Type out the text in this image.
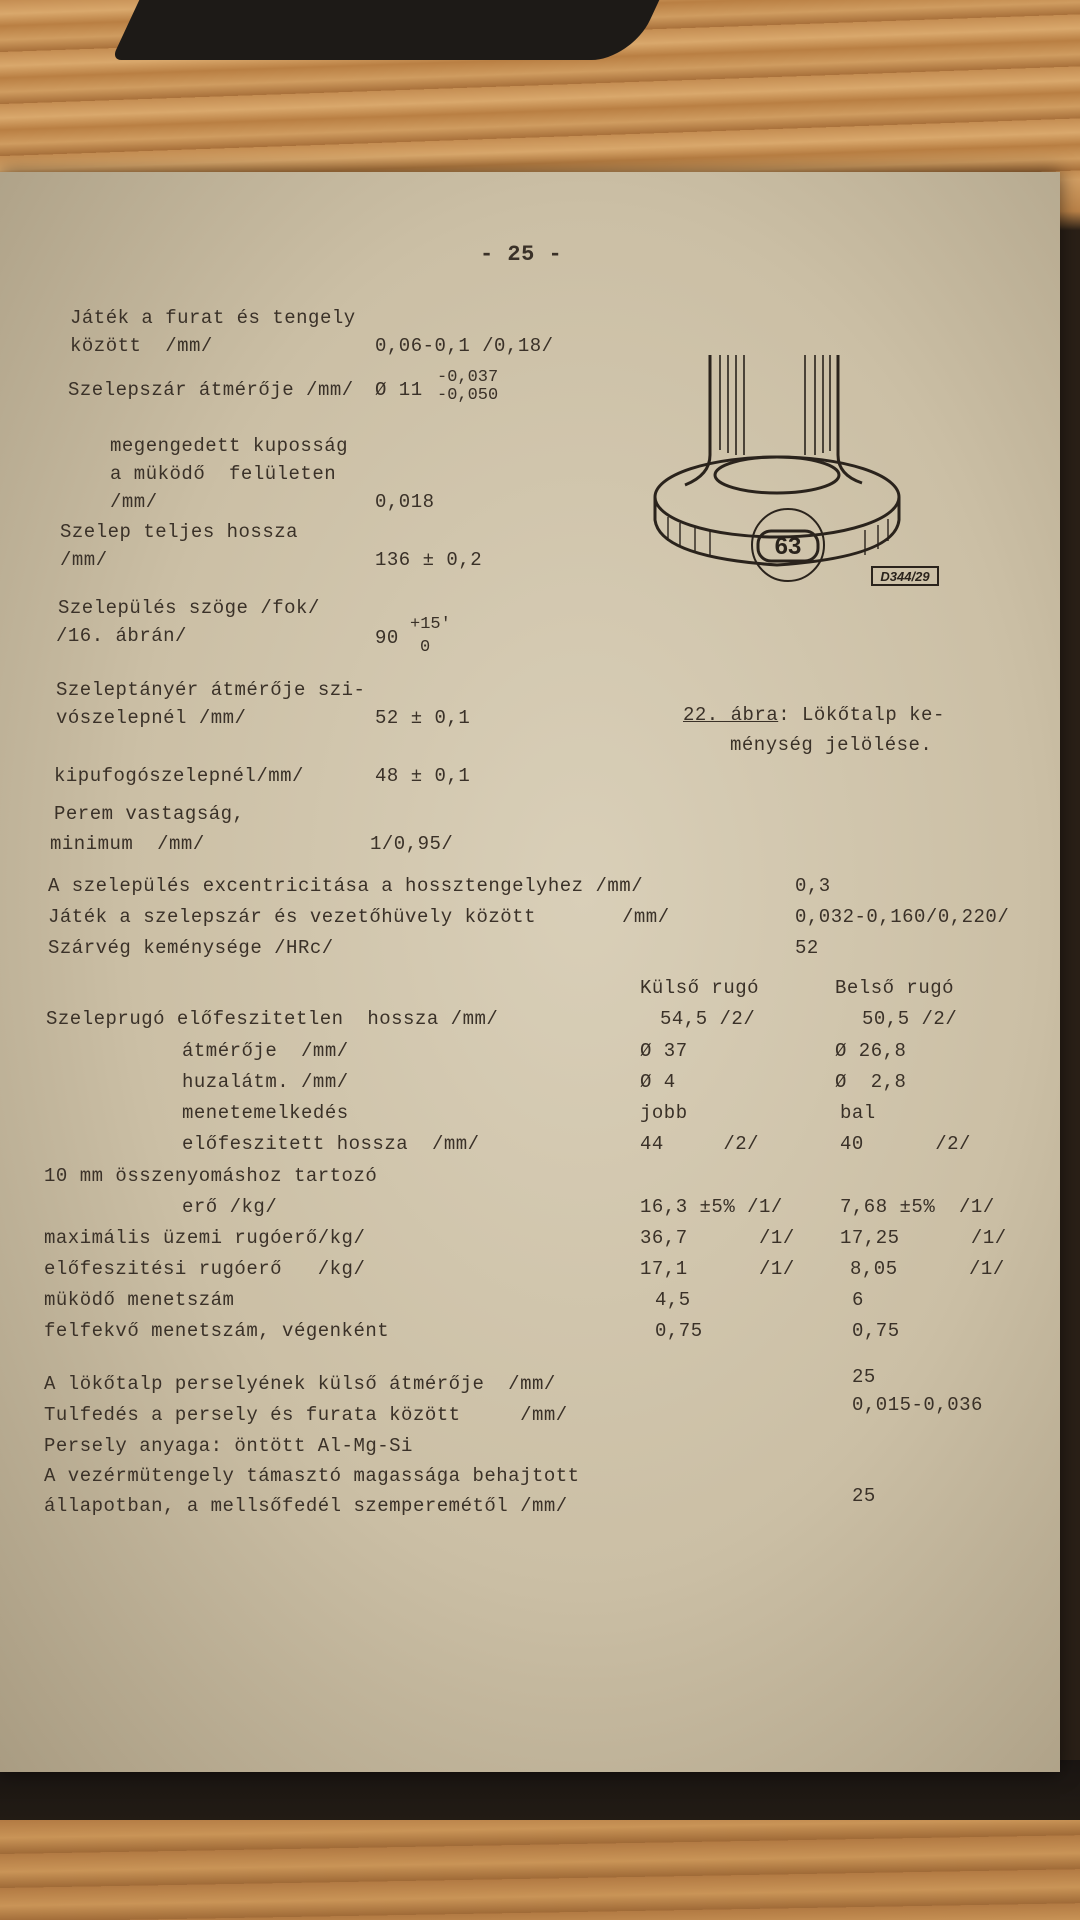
- 25 -
Játék a furat és tengely
között  /mm/	0,06-0,1 /0,18/
Szelepszár átmérője /mm/ Ø 11
-0,037
-0,050
megengedett kuposság
a müködő  felületen
/mm/	0,018
Szelep teljes hossza
/mm/	136 ± 0,2
Szelepülés szöge /fok/
/16. ábrán/	90
+15'
0
Szeleptányér átmérője szi-
vószelepnél /mm/	52 ± 0,1
kipufogószelepnél/mm/	48 ± 0,1
Perem vastagság,
minimum  /mm/	1/0,95/
A szelepülés excentricitása a hossztengelyhez /mm/	0,3
Játék a szelepszár és vezetőhüvely között	/mm/	0,032-0,160/0,220/
Szárvég keménysége /HRc/	52
22. ábra: Lökőtalp ke-
ménység jelölése.
Külső rugó	Belső rugó
Szeleprugó előfeszitetlen  hossza /mm/	54,5 /2/	50,5 /2/
átmérője  /mm/	Ø 37	Ø 26,8
huzalátm. /mm/	Ø 4	Ø  2,8
menetemelkedés	jobb	bal
előfeszitett hossza  /mm/	44     /2/	40      /2/
10 mm összenyomáshoz tartozó
erő /kg/	16,3 ±5% /1/	7,68 ±5%  /1/
maximális üzemi rugóerő/kg/	36,7      /1/ 17,25      /1/
előfeszitési rugóerő   /kg/	17,1      /1/	8,05      /1/
müködő menetszám	4,5	6
felfekvő menetszám, végenként	0,75	0,75
A lökőtalp perselyének külső átmérője  /mm/	25
Tulfedés a persely és furata között     /mm/	0,015-0,036
Persely anyaga: öntött Al-Mg-Si
A vezérmütengely támasztó magassága behajtott
állapotban, a mellsőfedél szemperemétől /mm/	25
63
D344/29
